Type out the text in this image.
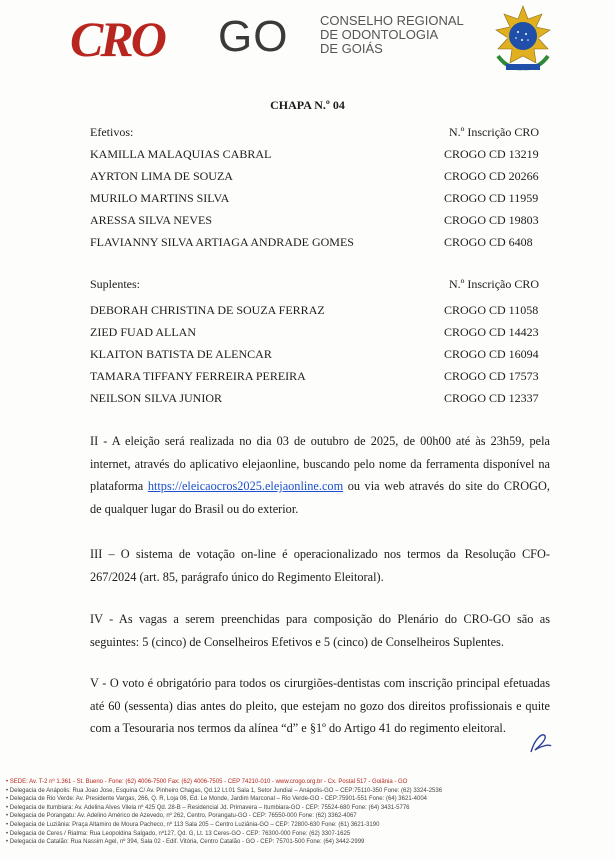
CRO GO CONSELHO REGIONAL
DE ODONTOLOGIA
DE GOIÁS
CHAPA N.º 04
Efetivos:	N.º Inscrição CRO
KAMILLA MALAQUIAS CABRAL	CROGO CD 13219
AYRTON LIMA DE SOUZA	CROGO CD 20266
MURILO MARTINS SILVA	CROGO CD 11959
ARESSA SILVA NEVES	CROGO CD 19803
FLAVIANNY SILVA ARTIAGA ANDRADE GOMES	CROGO CD 6408
Suplentes:	N.º Inscrição CRO
DEBORAH CHRISTINA DE SOUZA FERRAZ	CROGO CD 11058
ZIED FUAD ALLAN	CROGO CD 14423
KLAITON BATISTA DE ALENCAR	CROGO CD 16094
TAMARA TIFFANY FERREIRA PEREIRA	CROGO CD 17573
NEILSON SILVA JUNIOR	CROGO CD 12337
II - A eleição será realizada no dia 03 de outubro de 2025, de 00h00 até às 23h59, pela internet, através do aplicativo elejaonline, buscando pelo nome da ferramenta disponível na plataforma https://eleicaocros2025.elejaonline.com ou via web através do site do CROGO, de qualquer lugar do Brasil ou do exterior.
III – O sistema de votação on-line é operacionalizado nos termos da Resolução CFO-267/2024 (art. 85, parágrafo único do Regimento Eleitoral).
IV - As vagas a serem preenchidas para composição do Plenário do CRO-GO são as seguintes: 5 (cinco) de Conselheiros Efetivos e 5 (cinco) de Conselheiros Suplentes.
V - O voto é obrigatório para todos os cirurgiões-dentistas com inscrição principal efetuadas até 60 (sessenta) dias antes do pleito, que estejam no gozo dos direitos profissionais e quite com a Tesouraria nos termos da alínea “d” e §1º do Artigo 41 do regimento eleitoral.
• SEDE: Av. T-2 nº 1.361 - St. Bueno - Fone: (62) 4006-7500 Fax: (62) 4006-7505 - CEP 74210-010 - www.crogo.org.br - Cx. Postal 517 - Goiânia - GO
• Delegacia de Anápolis: Rua Joao Jose, Esquina C/ Av. Pinheiro Chagas, Qd.12 Lt.01 Sala 1, Setor Jundiaí – Anápolis-GO – CEP:75110-350 Fone: (62) 3324-2536
• Delegacia de Rio Verde: Av. Presidente Vargas, 266, Q. R, Loja 06, Ed. Le Monde, Jardim Marconal – Rio Verde-GO - CEP:75901-551 Fone: (64) 3621-4004
• Delegacia de Itumbiara: Av. Adelina Alves Vilela nº 425 Qd. 28-B – Residencial Jd. Primavera – Itumbiara-GO - CEP: 75524-680 Fone: (64) 3431-5776
• Delegacia de Porangatu: Av. Adelino Américo de Azevedo, nº 262, Centro, Porangatu-GO - CEP: 76550-000 Fone: (62) 3362-4067
• Delegacia de Luziânia: Praça Altamiro de Moura Pacheco, nº 113 Sala 205 – Centro Luziânia-GO – CEP: 72800-630 Fone: (61) 3621-3190
• Delegacia de Ceres / Rialma: Rua Leopoldina Salgado, nº127, Qd. G, Lt. 13 Ceres-GO - CEP: 76300-000 Fone: (62) 3307-1625
• Delegacia de Catalão: Rua Nassim Agel, nº 394, Sala 02 - Edif. Vitória, Centro Catalão - GO - CEP: 75701-500 Fone: (64) 3442-2999
